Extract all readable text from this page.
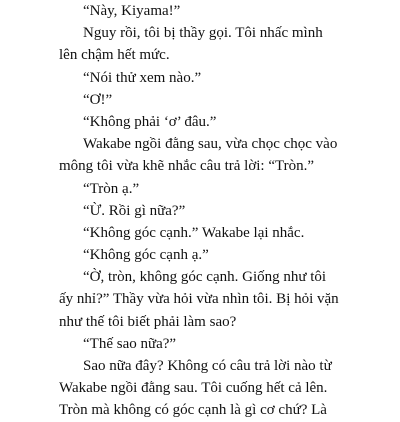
“Này, Kiyama!”
Nguy rồi, tôi bị thầy gọi. Tôi nhấc mình
lên chậm hết mức.
“Nói thử xem nào.”
“Ơ!”
“Không phải ‘ơ’ đâu.”
Wakabe ngồi đằng sau, vừa chọc chọc vào
mông tôi vừa khẽ nhắc câu trả lời: “Tròn.”
“Tròn ạ.”
“Ừ. Rồi gì nữa?”
“Không góc cạnh.” Wakabe lại nhắc.
“Không góc cạnh ạ.”
“Ờ, tròn, không góc cạnh. Giống như tôi
ấy nhỉ?” Thầy vừa hỏi vừa nhìn tôi. Bị hỏi vặn
như thế tôi biết phải làm sao?
“Thế sao nữa?”
Sao nữa đây? Không có câu trả lời nào từ
Wakabe ngồi đằng sau. Tôi cuống hết cả lên.
Tròn mà không có góc cạnh là gì cơ chứ? Là
